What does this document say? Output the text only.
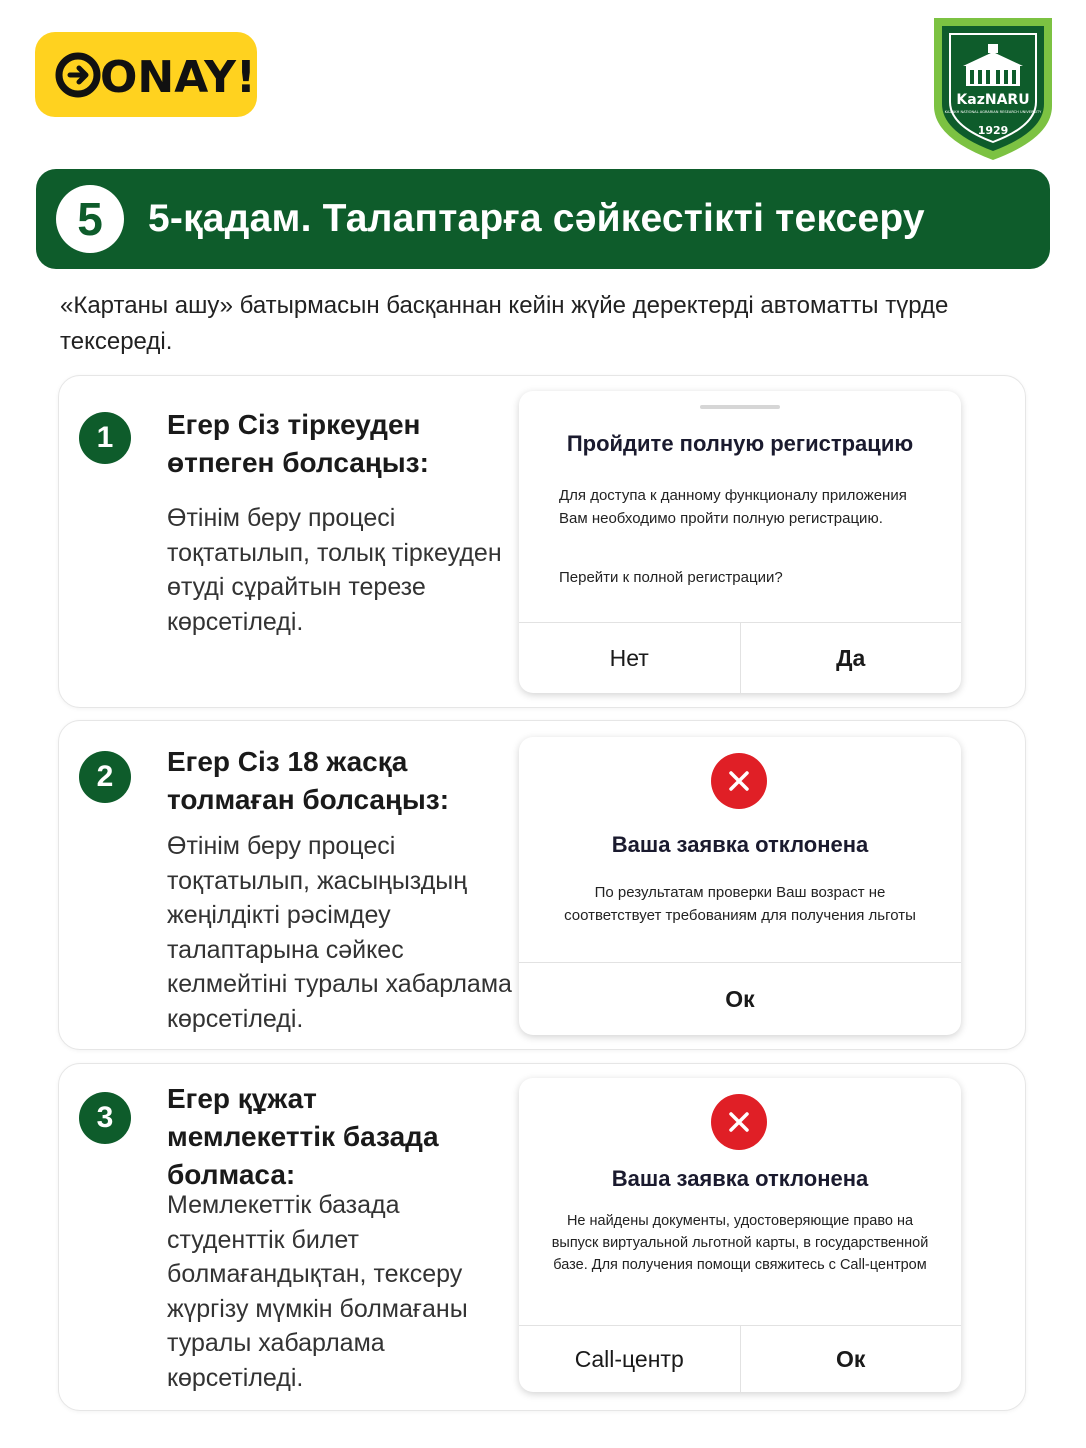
ONAY!	KazNARU
KAZAKH NATIONAL AGRARIAN RESEARCH UNIVERSITY
1929
5	5-қадам. Талаптарға сәйкестікті тексеру
«Картаны ашу» батырмасын басқаннан кейін жүйе деректерді автоматты түрде тексереді.
1	Егер Сіз тіркеуден өтпеген болсаңыз:
Өтінім беру процесі тоқтатылып, толық тіркеуден өтуді сұрайтын терезе көрсетіледі.
Пройдите полную регистрацию
Для доступа к данному функционалу приложения Вам необходимо пройти полную регистрацию.
Перейти к полной регистрации?
Нет	Да
2	Егер Сіз 18 жасқа толмаған болсаңыз:
Өтінім беру процесі тоқтатылып, жасыңыздың жеңілдікті рәсімдеу талаптарына сәйкес келмейтіні туралы хабарлама көрсетіледі.
Ваша заявка отклонена
По результатам проверки Ваш возраст не соответствует требованиям для получения льготы
Ок
3
Егер құжат мемлекеттік базада болмаса:
Мемлекеттік базада студенттік билет болмағандықтан, тексеру жүргізу мүмкін болмағаны туралы хабарлама көрсетіледі.
Ваша заявка отклонена
Не найдены документы, удостоверяющие право на выпуск виртуальной льготной карты, в государственной базе. Для получения помощи свяжитесь с Call-центром
Call-центр	Ок
